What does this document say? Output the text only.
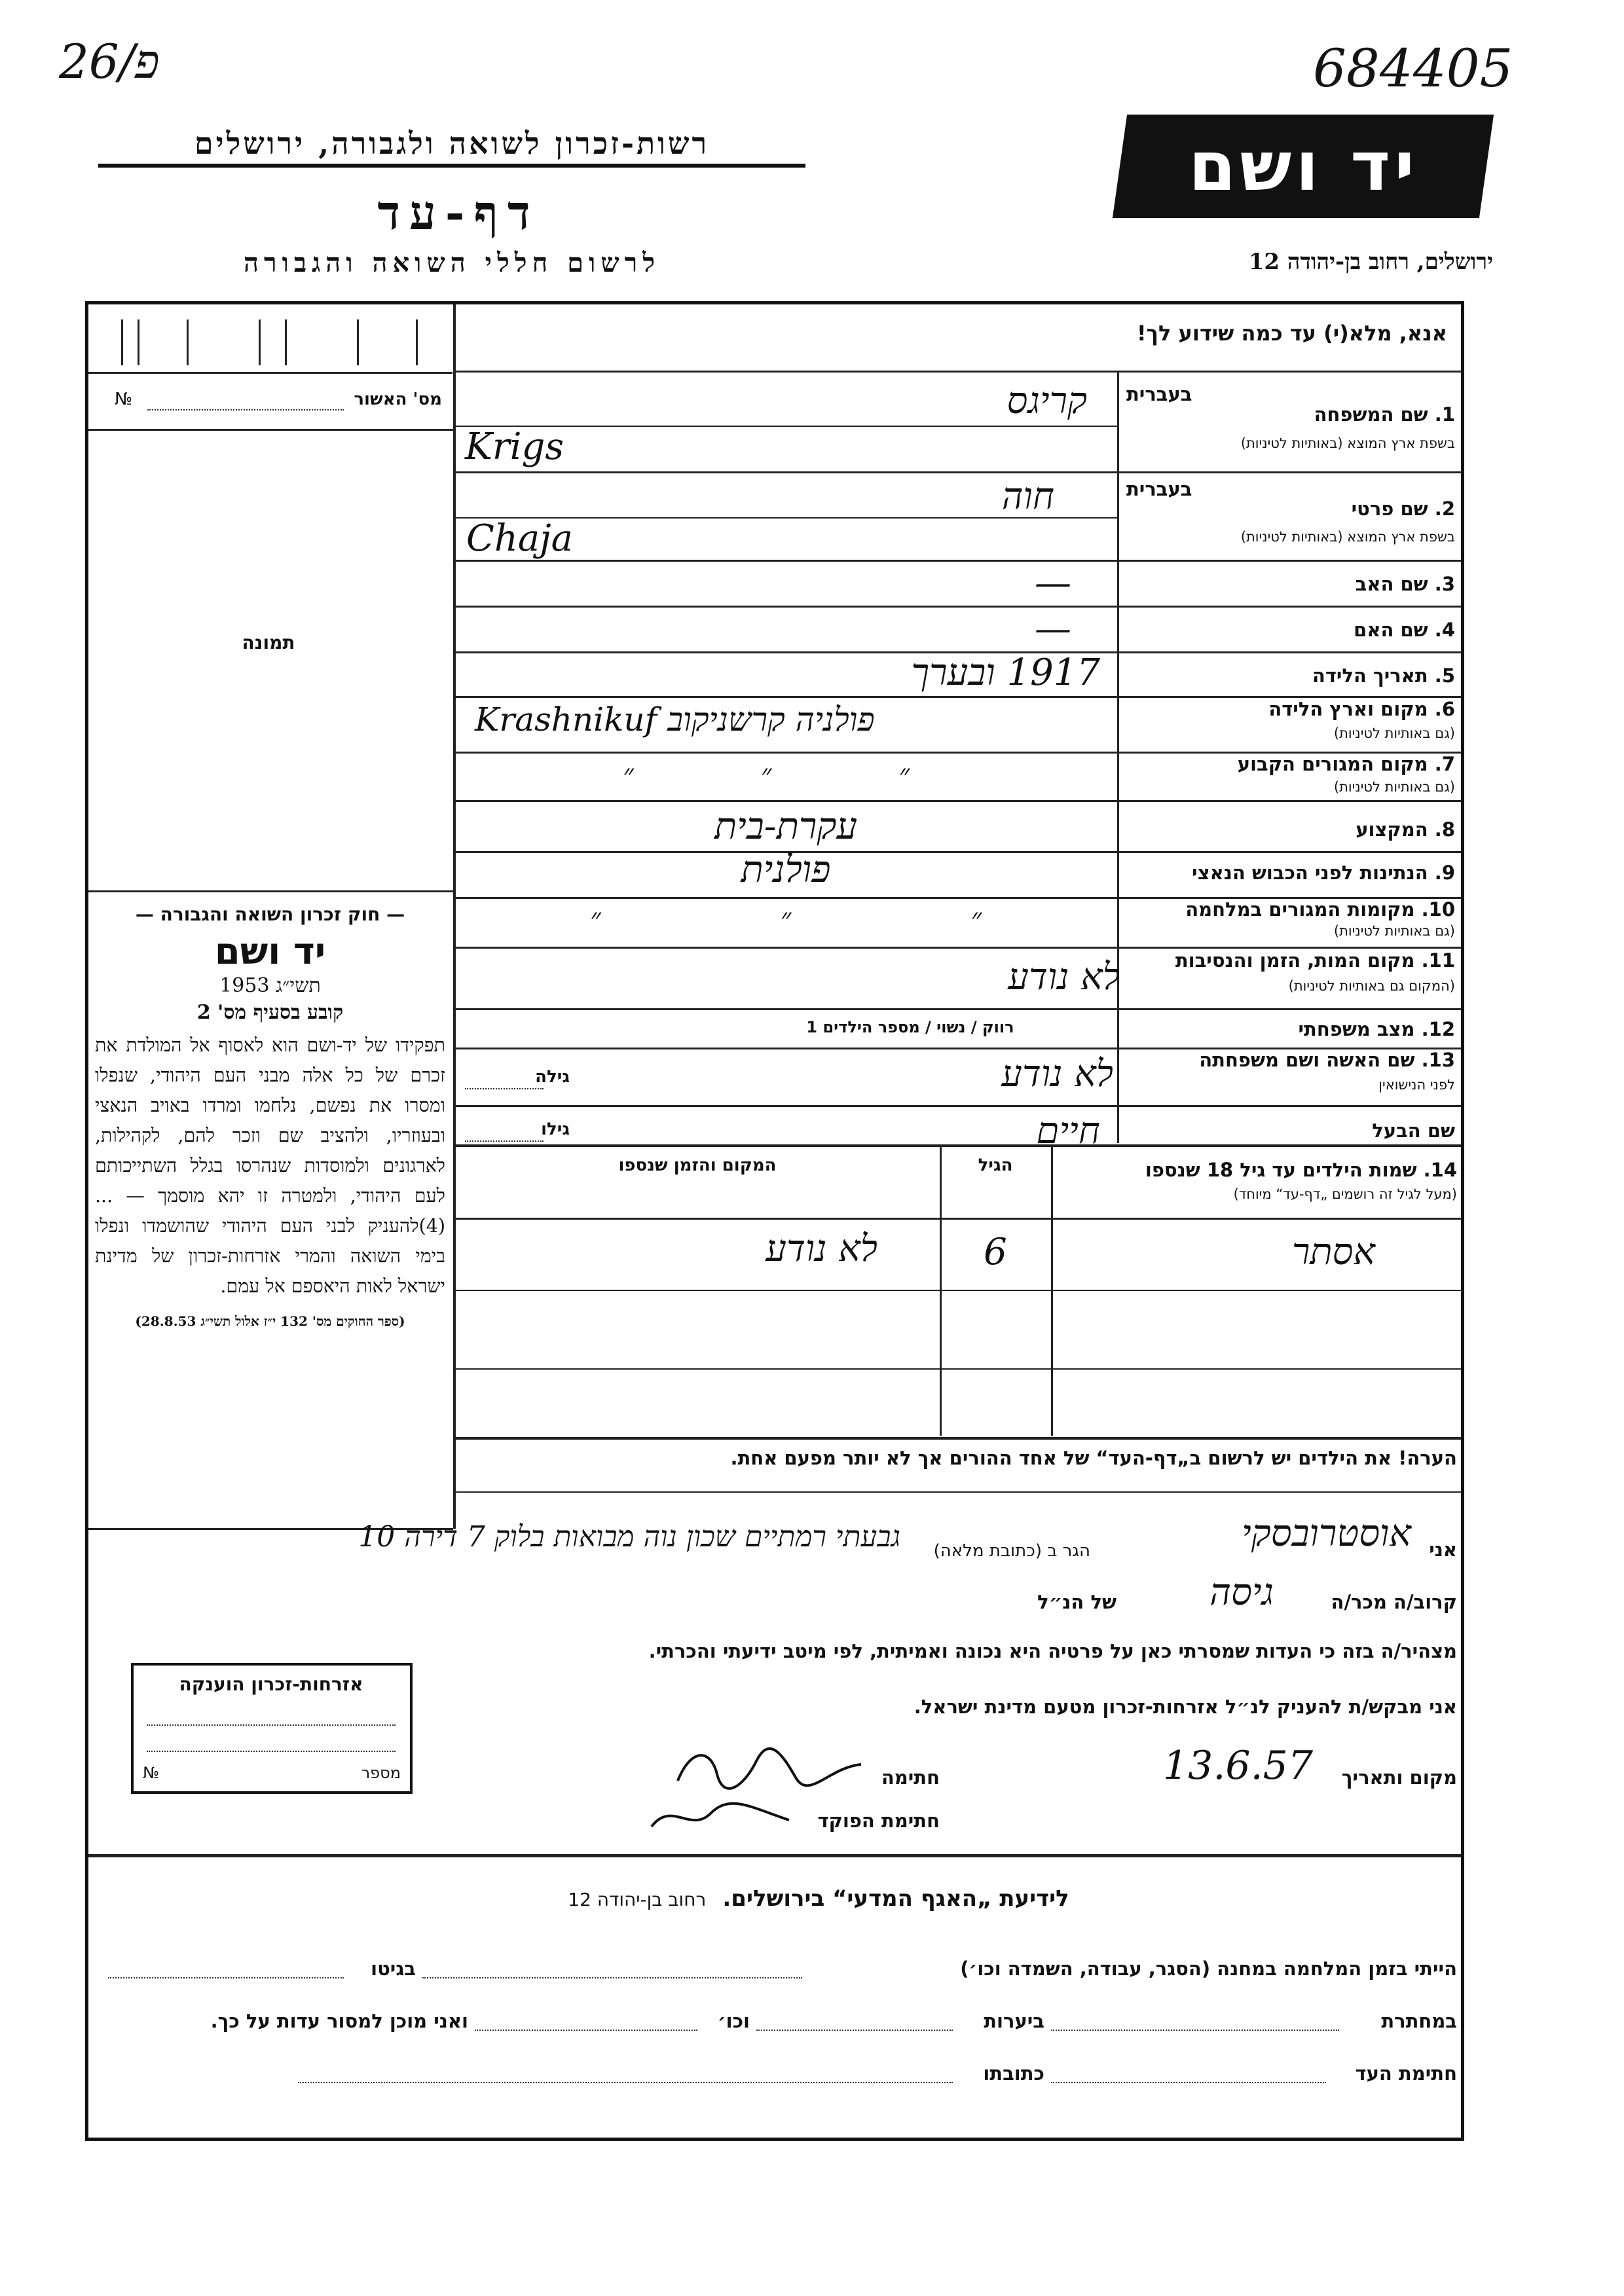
26/פ	684405
רשות-זכרון לשואה ולגבורה, ירושלים
דף-עד
לרשום חללי השואה והגבורה
יד ושם
ירושלים, רחוב בן-יהודה 12
אנא, מלא(י) עד כמה שידוע לך!
מס' האשור
№
תמונה
בעברית
1. שם המשפחה
בשפת ארץ המוצא (באותיות לטיניות)
קריגס
Krigs
בעברית
2. שם פרטי
בשפת ארץ המוצא (באותיות לטיניות)
חוה
Chaja
3. שם האב
—
4. שם האם
—
5. תאריך הלידה
1917 ובערך
6. מקום וארץ הלידה
(גם באותיות לטיניות)
Krashnikuf פולניה קרשניקוב
7. מקום המגורים הקבוע
(גם באותיות לטיניות)
״ ״ ״
8. המקצוע
עקרת-בית
9. הנתינות לפני הכבוש הנאצי
פולנית
10. מקומות המגורים במלחמה
(גם באותיות לטיניות)
״ ״ ״
11. מקום המות, הזמן והנסיבות
(המקום גם באותיות לטיניות)
לא נודע
12. מצב משפחתי
רווק / נשוי / מספר הילדים 1
13. שם האשה ושם משפחתה
לפני הנישואין
לא נודע
גילה
שם הבעל
חיים
גילו
14. שמות הילדים עד גיל 18 שנספו
(מעל לגיל זה רושמים „דף-עד“ מיוחד)
הגיל
המקום והזמן שנספו
אסתר
6
לא נודע
הערה! את הילדים יש לרשום ב„דף-העד“ של אחד ההורים אך לא יותר מפעם אחת.
— חוק זכרון השואה והגבורה —
יד ושם
תשי״ג 1953
קובע בסעיף מס' 2
תפקידו של יד-ושם הוא לאסוף אל המולדת את זכרם של כל אלה מבני העם היהודי, שנפלו ומסרו את נפשם, נלחמו ומרדו באויב הנאצי ובעוזריו, ולהציב שם וזכר להם, לקהילות, לארגונים ולמוסדות שנהרסו בגלל השתייכותם לעם היהודי, ולמטרה זו יהא מוסמך — ...(4)להעניק לבני העם היהודי שהושמדו ונפלו בימי השואה והמרי אזרחות-זכרון של מדינת ישראל לאות היאספם אל עמם.
(ספר החוקים מס' 132 י״ז אלול תשי״ג 28.8.53)
אני
אוסטרובסקי
הגר ב (כתובת מלאה)
גבעתי רמתיים שכון נוה מבואות בלוק 7 דירה 10
קרוב/ה מכר/ה
גיסה
של הנ״ל
מצהיר/ה בזה כי העדות שמסרתי כאן על פרטיה היא נכונה ואמיתית, לפי מיטב ידיעתי והכרתי.
אני מבקש/ת להעניק לנ״ל אזרחות-זכרון מטעם מדינת ישראל.
מקום ותאריך
13.6.57
חתימה
חתימת הפוקד
אזרחות-זכרון הוענקה
מספר
№
לידיעת „האגף המדעי“ בירושלים. רחוב בן-יהודה 12
הייתי בזמן המלחמה במחנה (הסגר, עבודה, השמדה וכו׳)
בגיטו
במחתרת
ביערות
וכו׳
ואני מוכן למסור עדות על כך.
חתימת העד
כתובתו
